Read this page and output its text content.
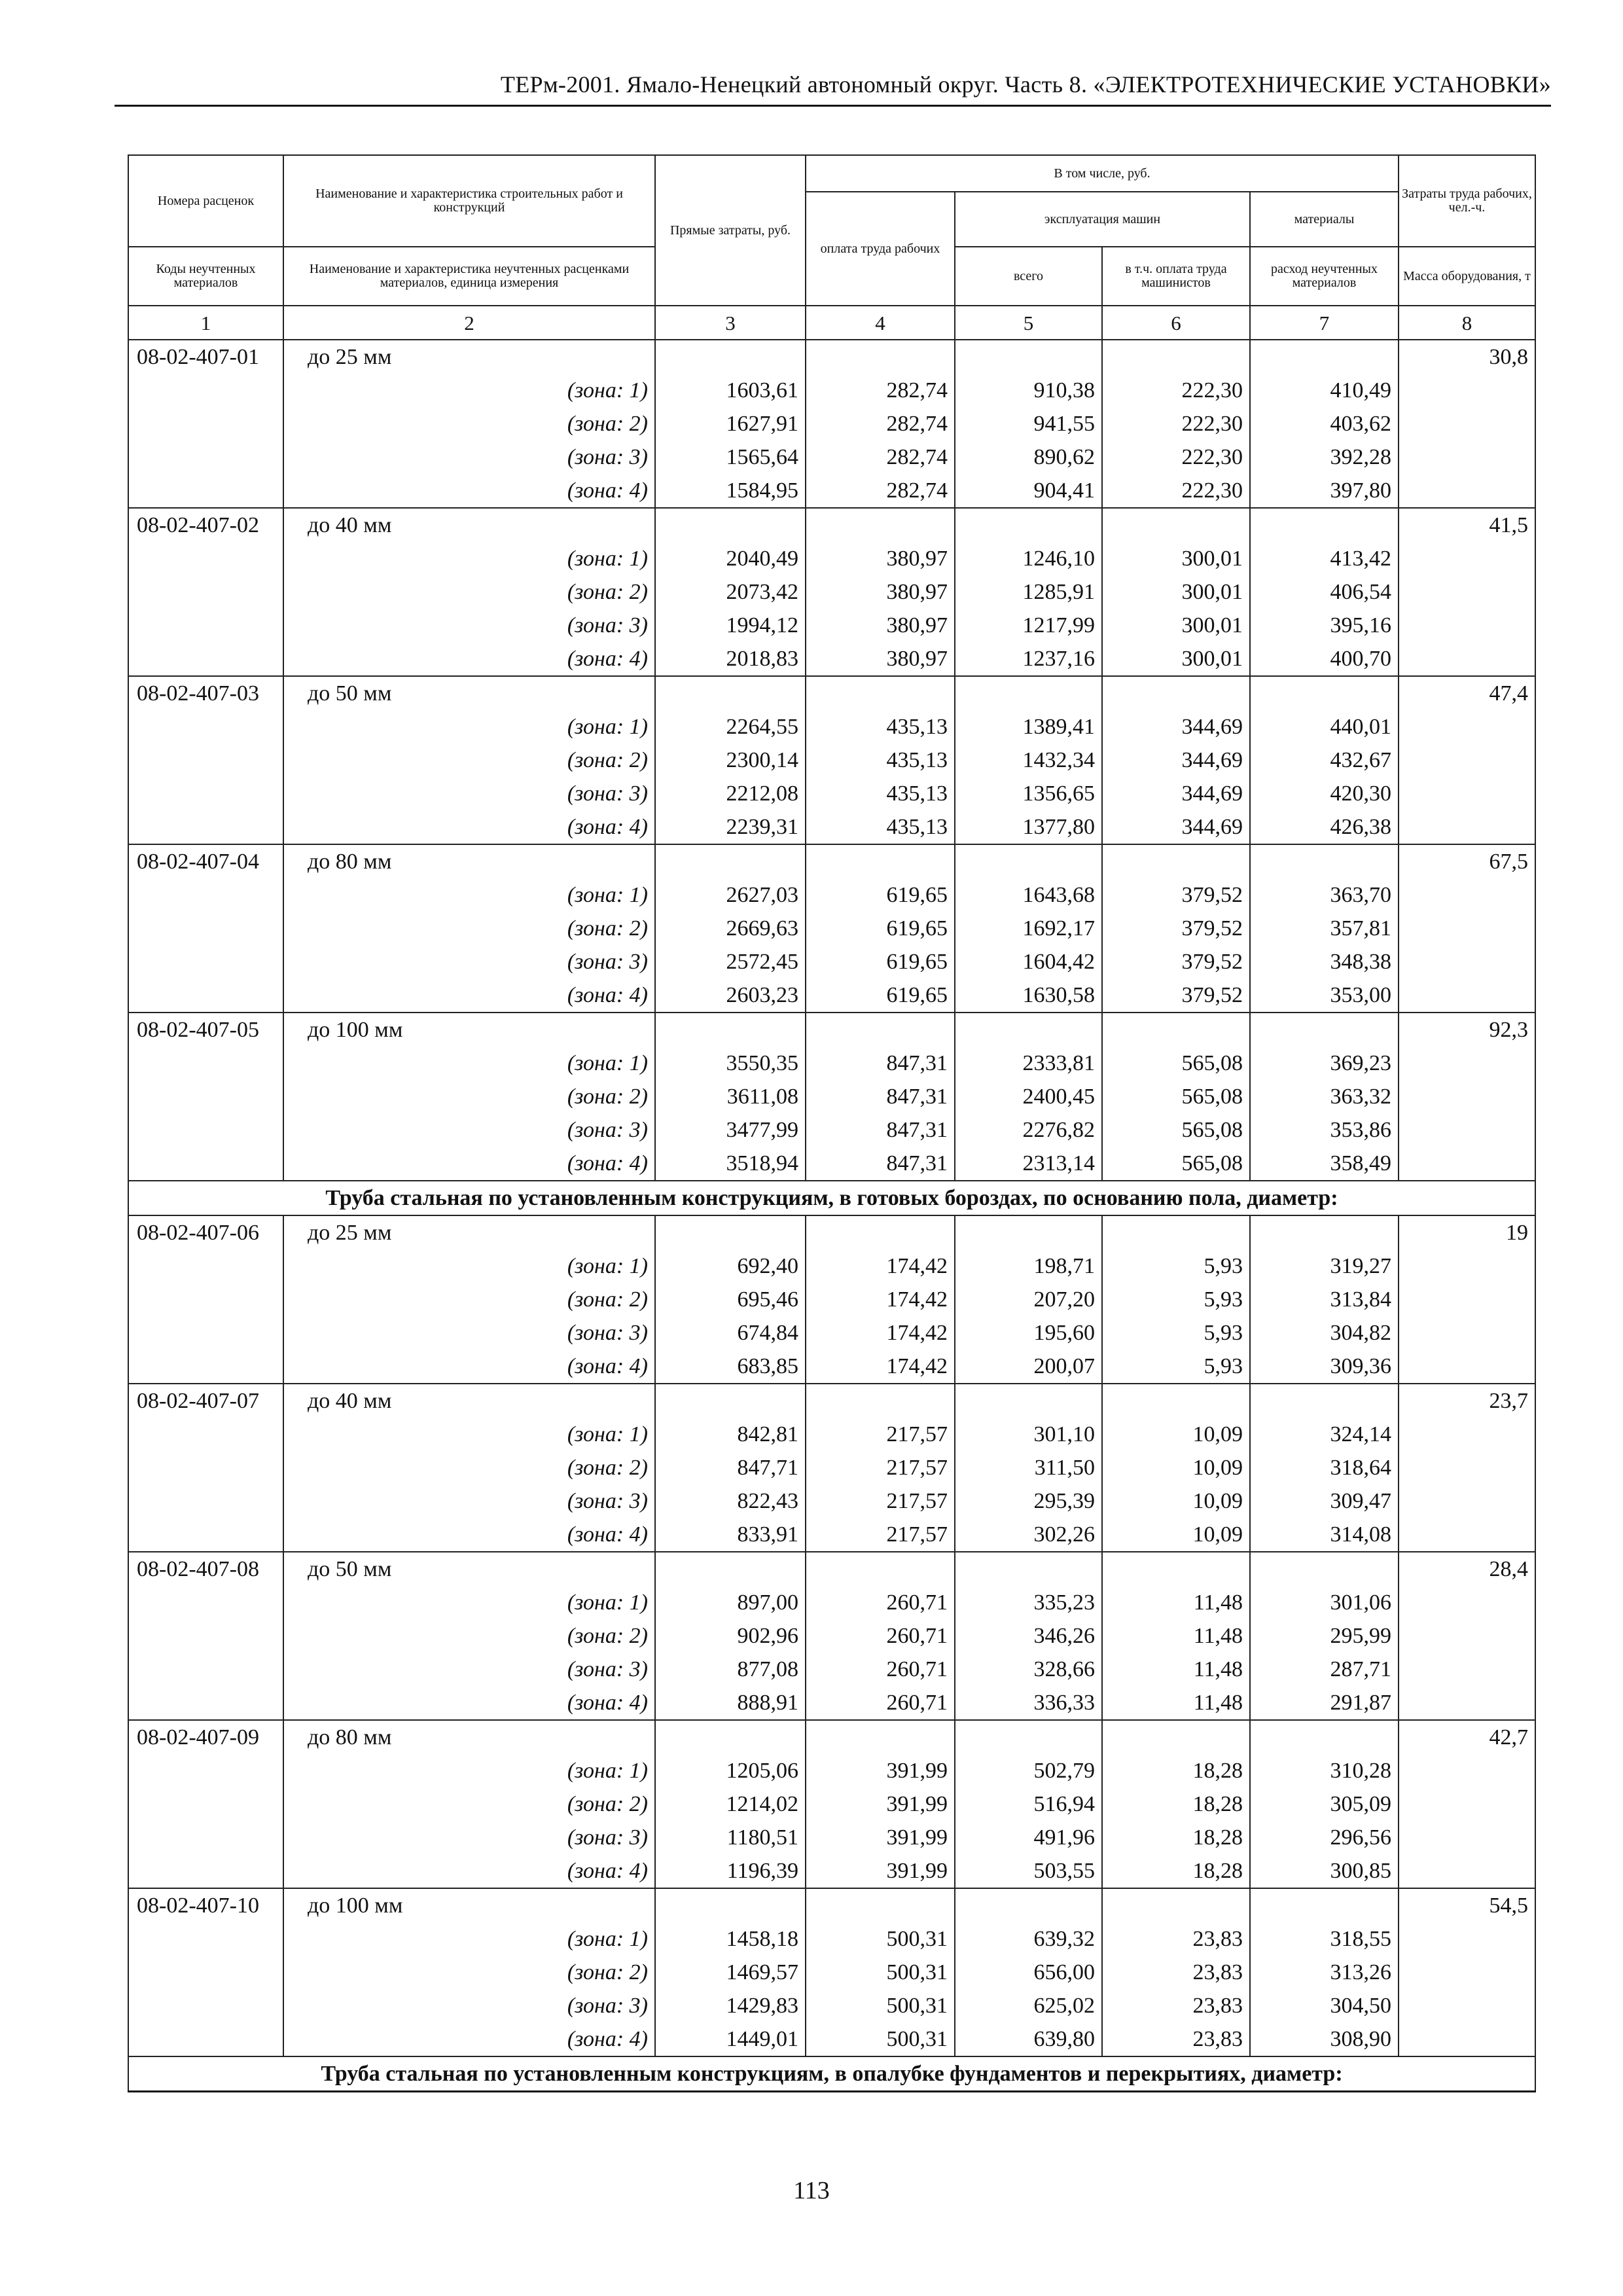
ТЕРм-2001. Ямало-Ненецкий автономный округ. Часть 8. «ЭЛЕКТРОТЕХНИЧЕСКИЕ УСТАНОВКИ»
Номера расценок	Наименование и характеристика строительных работ и конструкций	Прямые затраты, руб.	В том числе, руб.				Затраты труда рабочих, чел.-ч.
			оплата труда рабочих	эксплуатация машин		материалы	
Коды неучтенных материалов	Наименование и характеристика неучтенных расценками материалов, единица измерения			всего	в т.ч. оплата труда машинистов	расход неучтенных материалов	Масса оборудования, т
1	2	3	4	5	6	7	8
08-02-407-01	до 25 мм						30,8
	(зона: 1)	1603,61	282,74	910,38	222,30	410,49	
	(зона: 2)	1627,91	282,74	941,55	222,30	403,62	
	(зона: 3)	1565,64	282,74	890,62	222,30	392,28	
	(зона: 4)	1584,95	282,74	904,41	222,30	397,80	
08-02-407-02	до 40 мм						41,5
	(зона: 1)	2040,49	380,97	1246,10	300,01	413,42	
	(зона: 2)	2073,42	380,97	1285,91	300,01	406,54	
	(зона: 3)	1994,12	380,97	1217,99	300,01	395,16	
	(зона: 4)	2018,83	380,97	1237,16	300,01	400,70	
08-02-407-03	до 50 мм						47,4
	(зона: 1)	2264,55	435,13	1389,41	344,69	440,01	
	(зона: 2)	2300,14	435,13	1432,34	344,69	432,67	
	(зона: 3)	2212,08	435,13	1356,65	344,69	420,30	
	(зона: 4)	2239,31	435,13	1377,80	344,69	426,38	
08-02-407-04	до 80 мм						67,5
	(зона: 1)	2627,03	619,65	1643,68	379,52	363,70	
	(зона: 2)	2669,63	619,65	1692,17	379,52	357,81	
	(зона: 3)	2572,45	619,65	1604,42	379,52	348,38	
	(зона: 4)	2603,23	619,65	1630,58	379,52	353,00	
08-02-407-05	до 100 мм						92,3
	(зона: 1)	3550,35	847,31	2333,81	565,08	369,23	
	(зона: 2)	3611,08	847,31	2400,45	565,08	363,32	
	(зона: 3)	3477,99	847,31	2276,82	565,08	353,86	
	(зона: 4)	3518,94	847,31	2313,14	565,08	358,49	
Труба стальная по установленным конструкциям, в готовых бороздах, по основанию пола, диаметр:							
08-02-407-06	до 25 мм						19
	(зона: 1)	692,40	174,42	198,71	5,93	319,27	
	(зона: 2)	695,46	174,42	207,20	5,93	313,84	
	(зона: 3)	674,84	174,42	195,60	5,93	304,82	
	(зона: 4)	683,85	174,42	200,07	5,93	309,36	
08-02-407-07	до 40 мм						23,7
	(зона: 1)	842,81	217,57	301,10	10,09	324,14	
	(зона: 2)	847,71	217,57	311,50	10,09	318,64	
	(зона: 3)	822,43	217,57	295,39	10,09	309,47	
	(зона: 4)	833,91	217,57	302,26	10,09	314,08	
08-02-407-08	до 50 мм						28,4
	(зона: 1)	897,00	260,71	335,23	11,48	301,06	
	(зона: 2)	902,96	260,71	346,26	11,48	295,99	
	(зона: 3)	877,08	260,71	328,66	11,48	287,71	
	(зона: 4)	888,91	260,71	336,33	11,48	291,87	
08-02-407-09	до 80 мм						42,7
	(зона: 1)	1205,06	391,99	502,79	18,28	310,28	
	(зона: 2)	1214,02	391,99	516,94	18,28	305,09	
	(зона: 3)	1180,51	391,99	491,96	18,28	296,56	
	(зона: 4)	1196,39	391,99	503,55	18,28	300,85	
08-02-407-10	до 100 мм						54,5
	(зона: 1)	1458,18	500,31	639,32	23,83	318,55	
	(зона: 2)	1469,57	500,31	656,00	23,83	313,26	
	(зона: 3)	1429,83	500,31	625,02	23,83	304,50	
	(зона: 4)	1449,01	500,31	639,80	23,83	308,90	
Труба стальная по установленным конструкциям, в опалубке фундаментов и перекрытиях, диаметр:							
113
